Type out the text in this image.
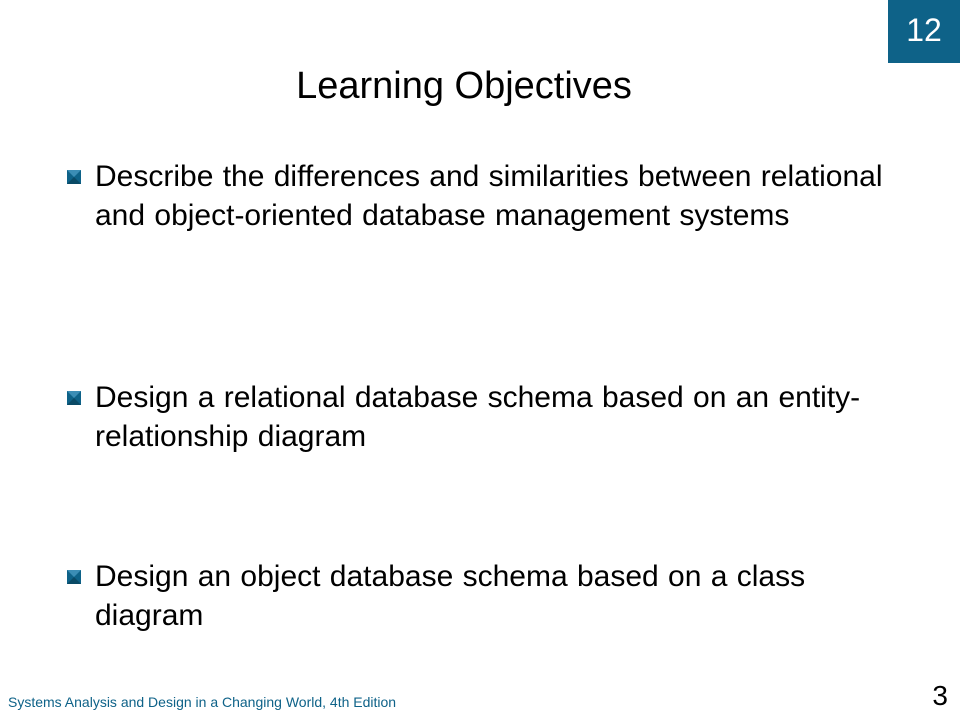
12
Learning Objectives
Describe the differences and similarities between relational and object-oriented database management systems
Design a relational database schema based on an entity-relationship diagram
Design an object database schema based on a class diagram
Systems Analysis and Design in a Changing World, 4th Edition	3
